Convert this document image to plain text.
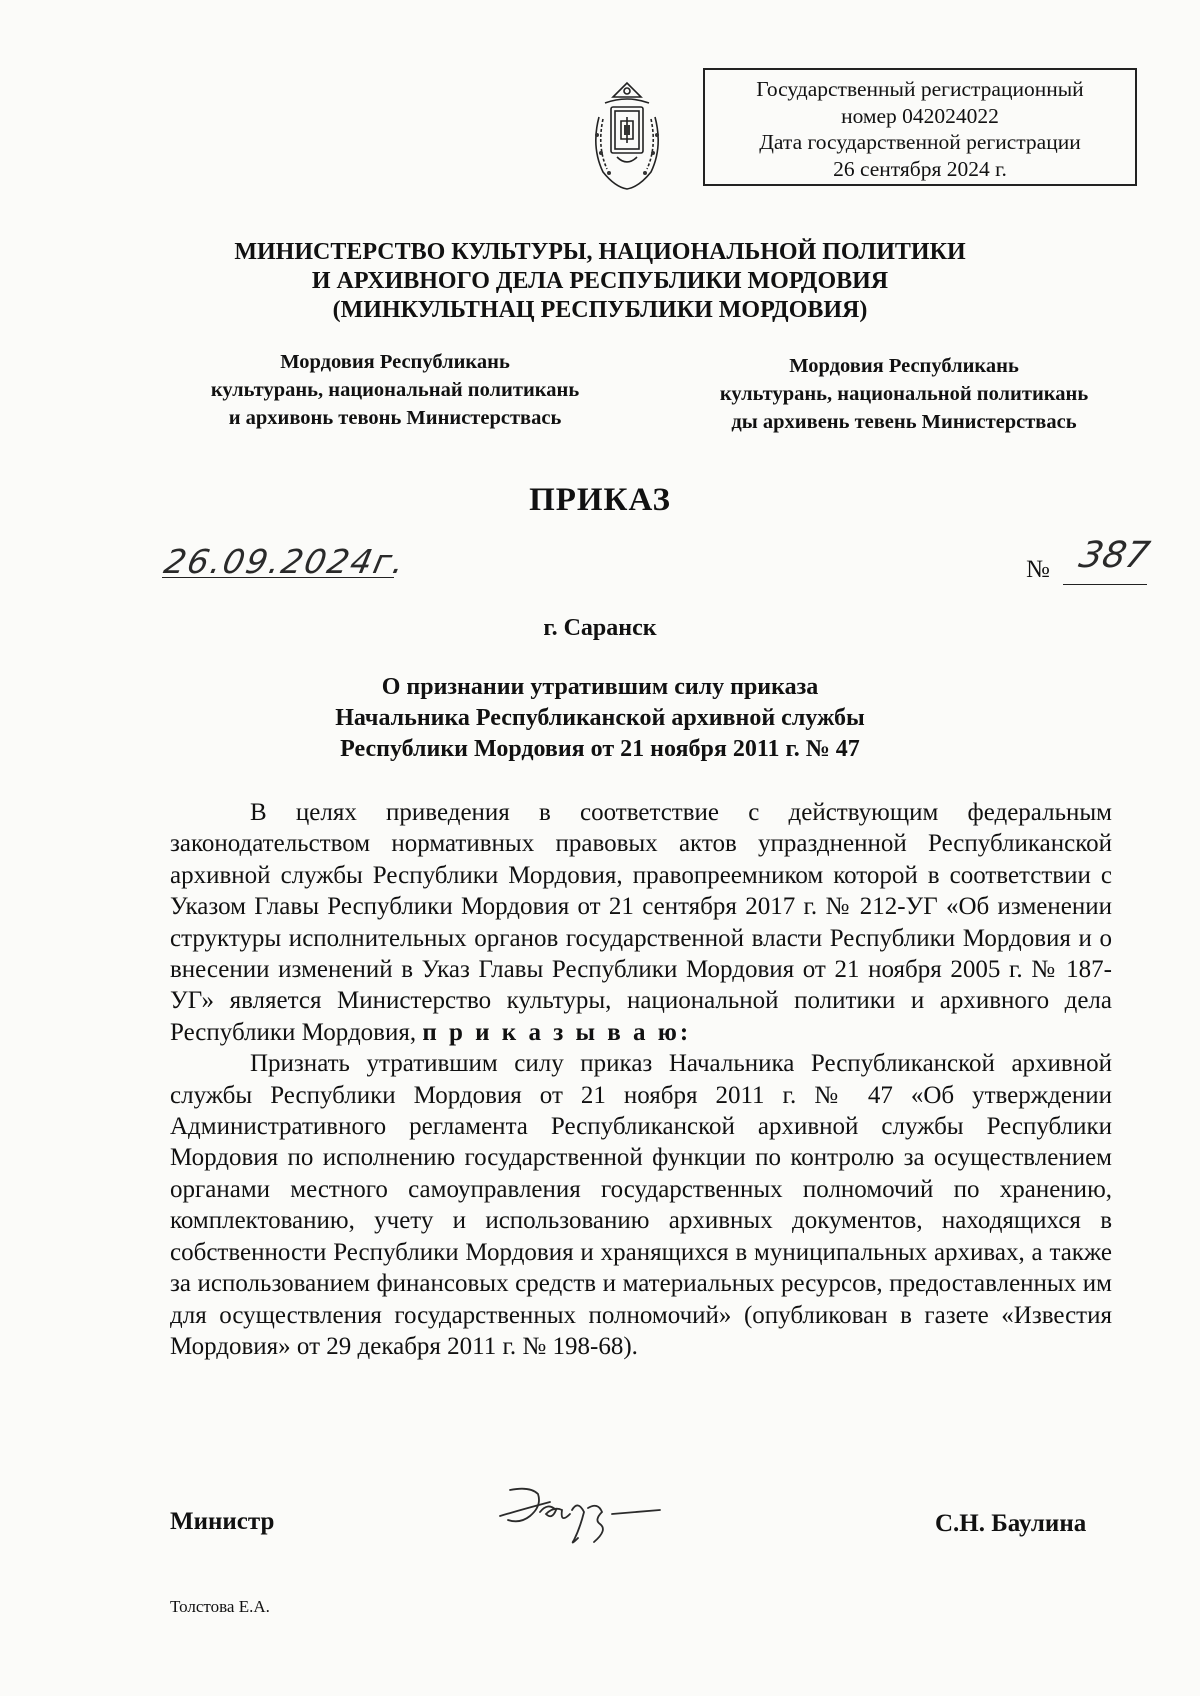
Государственный регистрационный
номер 042024022
Дата государственной регистрации
26 сентября 2024 г.
МИНИСТЕРСТВО КУЛЬТУРЫ, НАЦИОНАЛЬНОЙ ПОЛИТИКИ
И АРХИВНОГО ДЕЛА РЕСПУБЛИКИ МОРДОВИЯ
(МИНКУЛЬТНАЦ РЕСПУБЛИКИ МОРДОВИЯ)
Мордовия Республикань
культурань, национальнай политикань
и архивонь тевонь Министерствась
Мордовия Республикань
культурань, национальной политикань
ды архивень тевень Министерствась
ПРИКАЗ
26.09.2024г.	№ 387
г. Саранск
О признании утратившим силу приказа
Начальника Республиканской архивной службы
Республики Мордовия от 21 ноября 2011 г. № 47

В целях приведения в соответствие с действующим федеральным законодательством нормативных правовых актов упраздненной Республиканской архивной службы Республики Мордовия, правопреемником которой в соответствии с Указом Главы Республики Мордовия от 21 сентября 2017 г. № 212-УГ «Об изменении структуры исполнительных органов государственной власти Республики Мордовия и о внесении изменений в Указ Главы Республики Мордовия от 21 ноября 2005 г. № 187-УГ» является Министерство культуры, национальной политики и архивного дела Республики Мордовия, п р и к а з ы в а ю:

Признать утратившим силу приказ Начальника Республиканской архивной службы Республики Мордовия от 21 ноября 2011 г. № 47 «Об утверждении Административного регламента Республиканской архивной службы Республики Мордовия по исполнению государственной функции по контролю за осуществлением органами местного самоуправления государственных полномочий по хранению, комплектованию, учету и использованию архивных документов, находящихся в собственности Республики Мордовия и хранящихся в муниципальных архивах, а также за использованием финансовых средств и материальных ресурсов, предоставленных им для осуществления государственных полномочий» (опубликован в газете «Известия Мордовия» от 29 декабря 2011 г. № 198-68).

Министр	С.Н. Баулина
Толстова Е.А.
